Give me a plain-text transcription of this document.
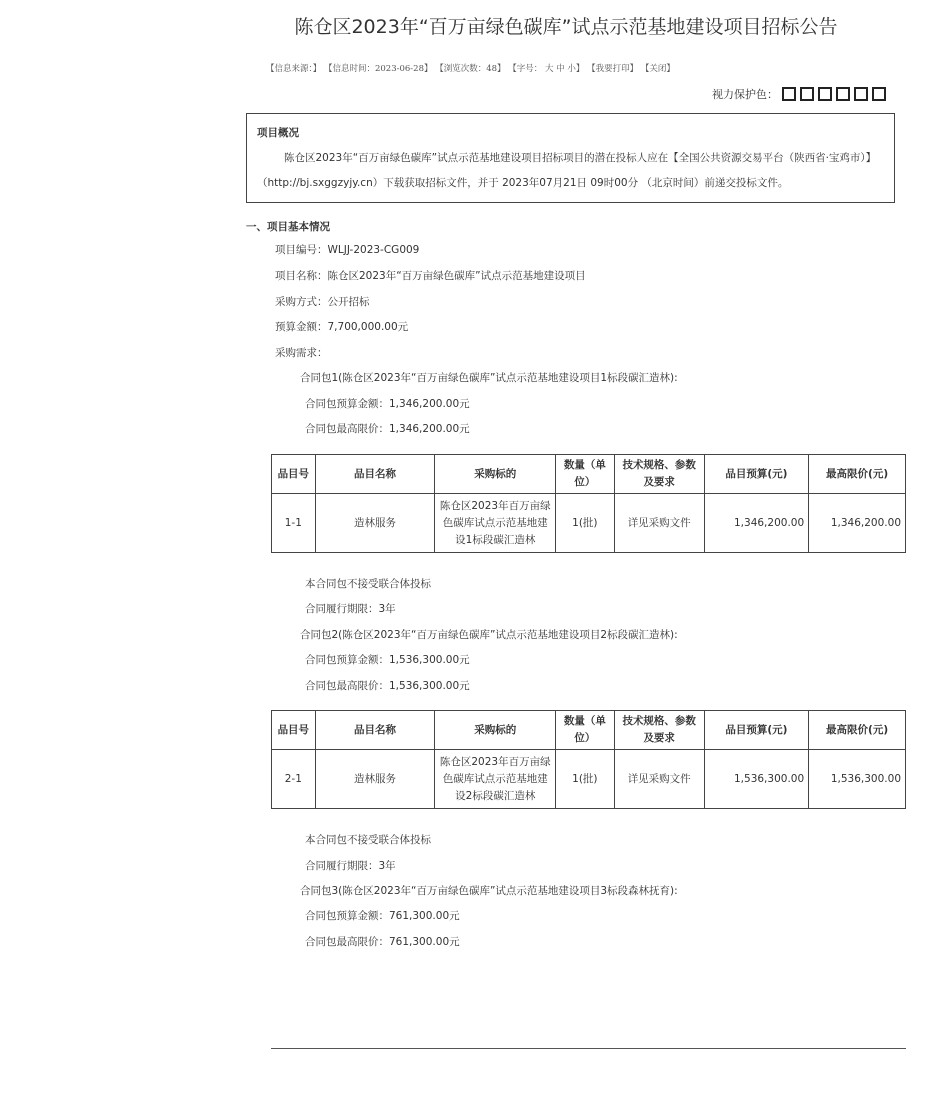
陈仓区2023年“百万亩绿色碳库”试点示范基地建设项目招标公告
【信息来源：】 【信息时间：2023-06-28】 【浏览次数：48】 【字号： 大 中 小】 【我要打印】 【关闭】
视力保护色：
项目概况
陈仓区2023年“百万亩绿色碳库”试点示范基地建设项目招标项目的潜在投标人应在【全国公共资源交易平台（陕西省·宝鸡市）】（http://bj.sxggzyjy.cn）下载获取招标文件，并于 2023年07月21日 09时00分 （北京时间）前递交投标文件。
一、项目基本情况
项目编号：WLJJ-2023-CG009
项目名称：陈仓区2023年“百万亩绿色碳库”试点示范基地建设项目
采购方式：公开招标
预算金额：7,700,000.00元
采购需求：
合同包1(陈仓区2023年“百万亩绿色碳库”试点示范基地建设项目1标段碳汇造林):
合同包预算金额：1,346,200.00元
合同包最高限价：1,346,200.00元
品目号	品目名称	采购标的	数量（单位）	技术规格、参数及要求	品目预算(元)	最高限价(元)
1-1	造林服务	陈仓区2023年百万亩绿色碳库试点示范基地建设1标段碳汇造林	1(批)	详见采购文件	1,346,200.00	1,346,200.00
本合同包不接受联合体投标
合同履行期限：3年
合同包2(陈仓区2023年“百万亩绿色碳库”试点示范基地建设项目2标段碳汇造林):
合同包预算金额：1,536,300.00元
合同包最高限价：1,536,300.00元
品目号	品目名称	采购标的	数量（单位）	技术规格、参数及要求	品目预算(元)	最高限价(元)
2-1	造林服务	陈仓区2023年百万亩绿色碳库试点示范基地建设2标段碳汇造林	1(批)	详见采购文件	1,536,300.00	1,536,300.00
本合同包不接受联合体投标
合同履行期限：3年
合同包3(陈仓区2023年“百万亩绿色碳库”试点示范基地建设项目3标段森林抚育):
合同包预算金额：761,300.00元
合同包最高限价：761,300.00元
